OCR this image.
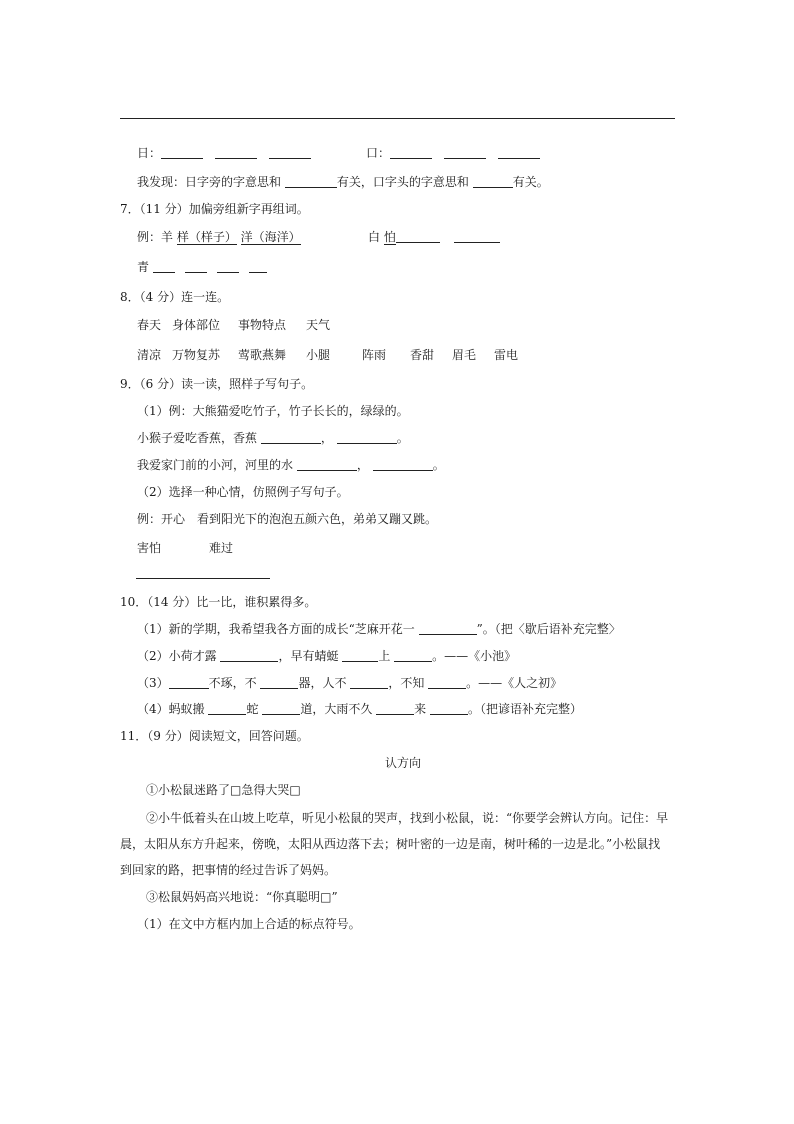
日：	口：
我发现：日字旁的字意思和	有关，口字头的字意思和	有关。
7．（11 分）加偏旁组新字再组词。
例：羊 样（样子） 洋（海洋）	白 怕
青
8．（4 分）连一连。
春天 身体部位 事物特点 天气
清凉 万物复苏 莺歌燕舞 小腿	阵雨 香甜 眉毛 雷电
9．（6 分）读一读，照样子写句子。
（1）例：大熊猫爱吃竹子，竹子长长的，绿绿的。
小猴子爱吃香蕉，香蕉	，	。
我爱家门前的小河，河里的水	，	。
（2）选择一种心情，仿照例子写句子。
例：开心　看到阳光下的泡泡五颜六色，弟弟又蹦又跳。
害怕	难过
10．（14 分）比一比，谁积累得多。
（1）新的学期，我希望我各方面的成长“芝麻开花一	”。（把〈歇后语补充完整〉
（2）小荷才露	，早有蜻蜓	上	。——《小池》
（3）	不琢，不	器，人不	，不知	。——《人之初》
（4）蚂蚁搬	蛇	道，大雨不久	来	。（把谚语补充完整）
11．（9 分）阅读短文，回答问题。
认方向
①小松鼠迷路了□急得大哭□
②小牛低着头在山坡上吃草，听见小松鼠的哭声，找到小松鼠，说：“你要学会辨认方向。记住：早
晨，太阳从东方升起来，傍晚，太阳从西边落下去；树叶密的一边是南，树叶稀的一边是北。”小松鼠找
到回家的路，把事情的经过告诉了妈妈。
③松鼠妈妈高兴地说：“你真聪明□”
（1）在文中方框内加上合适的标点符号。
